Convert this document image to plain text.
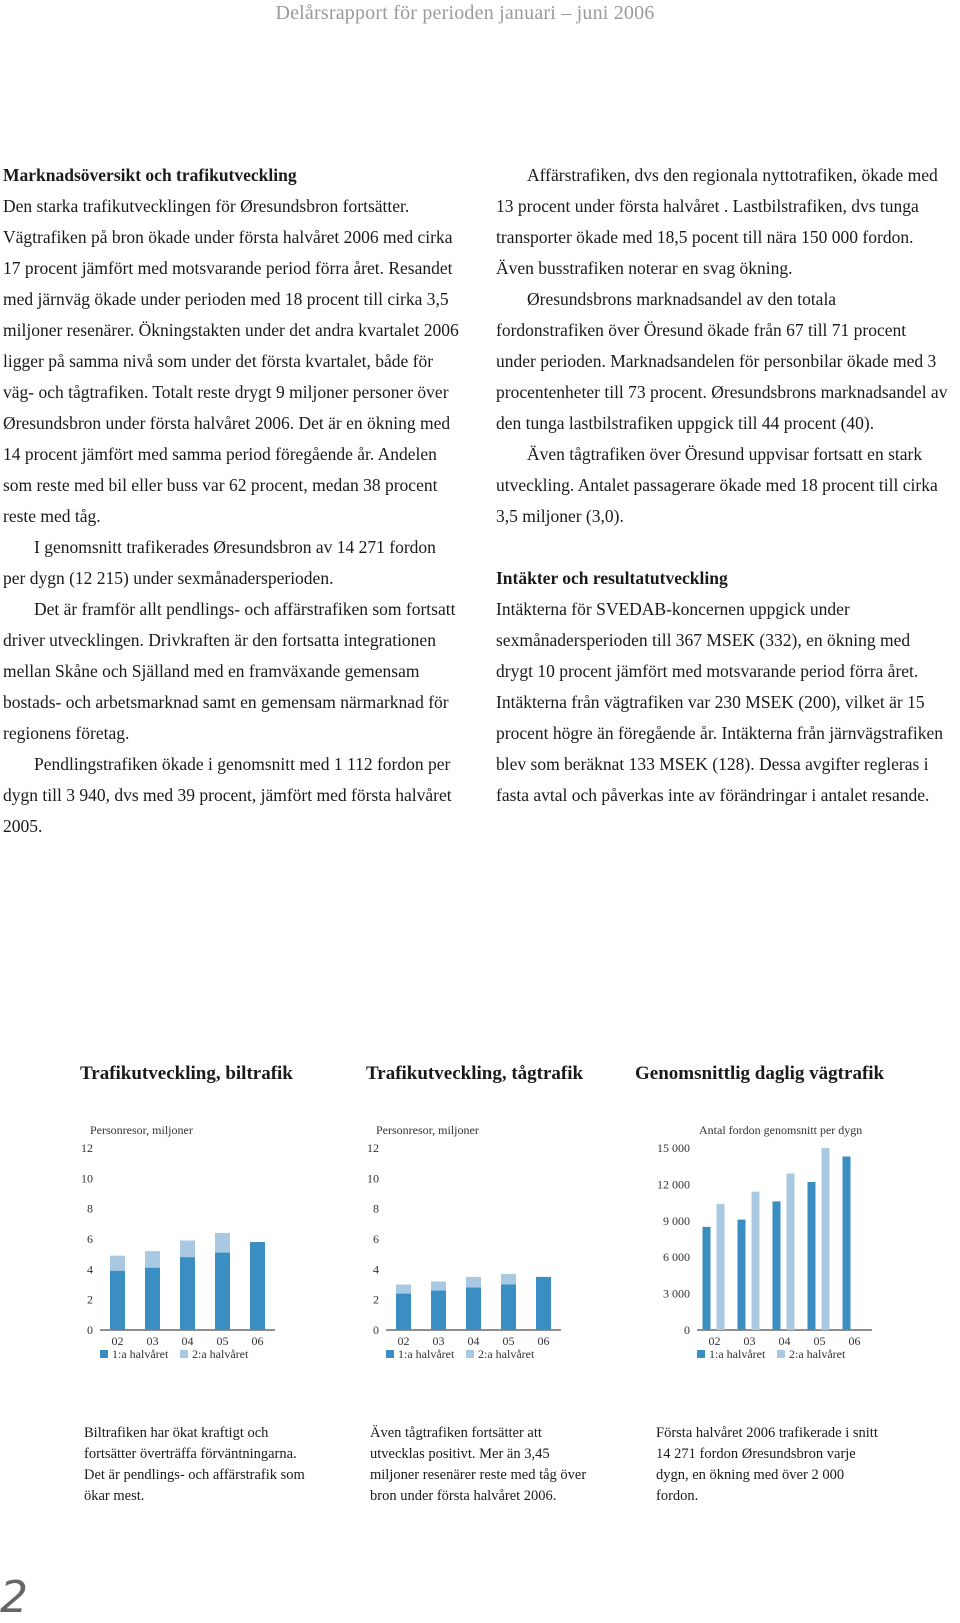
Delårsrapport för perioden januari – juni 2006

Marknadsöversikt och trafikutveckling

Den starka trafikutvecklingen för Øresundsbron fortsätter. Vägtrafiken på bron ökade under första halvåret 2006 med cirka 17 procent jämfört med motsvarande period förra året. Resandet med järnväg ökade under perioden med 18 procent till cirka 3,5 miljoner resenärer. Ökningstakten under det andra kvartalet 2006 ligger på samma nivå som under det första kvartalet, både för väg- och tågtrafiken. Totalt reste drygt 9 miljoner personer över Øresundsbron under första halvåret 2006. Det är en ökning med 14 procent jämfört med samma period föregående år. Andelen som reste med bil eller buss var 62 procent, medan 38 procent reste med tåg.

I genomsnitt trafikerades Øresundsbron av 14 271 fordon per dygn (12 215) under sexmånadersperioden.

Det är framför allt pendlings- och affärstrafiken som fortsatt driver utvecklingen. Drivkraften är den fortsatta integrationen mellan Skåne och Själland med en framväxande gemensam bostads- och arbetsmarknad samt en gemensam närmarknad för regionens företag.

Pendlingstrafiken ökade i genomsnitt med 1 112 fordon per dygn till 3 940, dvs med 39 procent, jämfört med första halvåret 2005.

Affärstrafiken, dvs den regionala nyttotrafiken, ökade med 13 procent under första halvåret . Lastbilstrafiken, dvs tunga transporter ökade med 18,5 pocent till nära 150 000 fordon. Även busstrafiken noterar en svag ökning.

Øresundsbrons marknadsandel av den totala fordonstrafiken över Öresund ökade från 67 till 71 procent under perioden. Marknadsandelen för personbilar ökade med 3 procentenheter till 73 procent. Øresundsbrons marknadsandel av den tunga lastbilstrafiken uppgick till 44 procent (40).

Även tågtrafiken över Öresund uppvisar fortsatt en stark utveckling. Antalet passagerare ökade med 18 procent till cirka 3,5 miljoner (3,0).

Intäkter och resultatutveckling

Intäkterna för SVEDAB-koncernen uppgick under sexmånadersperioden till 367 MSEK (332), en ökning med drygt 10 procent jämfört med motsvarande period förra året. Intäkterna från vägtrafiken var 230 MSEK (200), vilket är 15 procent högre än föregående år. Intäkterna från järnvägstrafiken blev som beräknat 133 MSEK (128). Dessa avgifter regleras i fasta avtal och påverkas inte av förändringar i antalet resande.

Trafikutveckling, biltrafik
Personresor, miljoner
0
2
4
6
8
10
12
02 03 04 05 06
1:a halvåret 2:a halvåret
Biltrafiken har ökat kraftigt och fortsätter överträffa förväntningarna. Det är pendlings- och affärstrafik som ökar mest.
Trafikutveckling, tågtrafik
Personresor, miljoner
0
2
4
6
8
10
12
02 03 04 05 06
1:a halvåret 2:a halvåret
Även tågtrafiken fortsätter att utvecklas positivt. Mer än 3,45 miljoner resenärer reste med tåg över bron under första halvåret 2006.
Genomsnittlig daglig vägtrafik
Antal fordon genomsnitt per dygn
0
3 000
6 000
9 000
12 000
15 000
02 03 04 05 06
1:a halvåret 2:a halvåret
Första halvåret 2006 trafikerade i snitt 14 271 fordon Øresundsbron varje dygn, en ökning med över 2 000 fordon.
2
